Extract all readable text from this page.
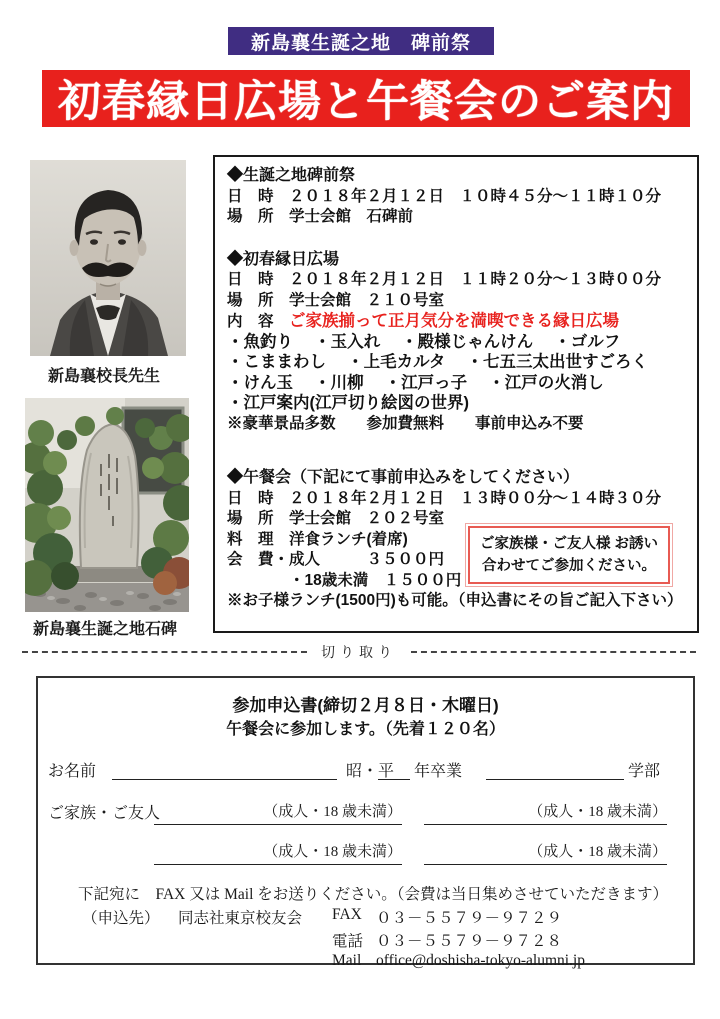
新島襄生誕之地　碑前祭
初春縁日広場と午餐会のご案内
新島襄校長先生
新島襄生誕之地石碑
◆生誕之地碑前祭
日　時　２０１８年２月１２日　１０時４５分～１１時１０分
場　所　学士会館　石碑前
◆初春縁日広場
日　時　２０１８年２月１２日　１１時２０分～１３時００分
場　所　学士会館　２１０号室
内　容　ご家族揃って正月気分を満喫できる縁日広場
・魚釣り　 ・玉入れ　 ・殿様じゃんけん　 ・ゴルフ
・こままわし　 ・上毛カルタ　 ・七五三太出世すごろく
・けん玉　 ・川柳　 ・江戸っ子　 ・江戸の火消し
・江戸案内(江戸切り絵図の世界)
※豪華景品多数　　参加費無料　　事前申込み不要
◆午餐会（下記にて事前申込みをしてください）
日　時　２０１８年２月１２日　１３時００分～１４時３０分
場　所　学士会館　２０２号室
料　理　洋食ランチ(着席)
会　費・成人　　　３５００円
　　　　・18歳未満　１５００円
※お子様ランチ(1500円)も可能。（申込書にその旨ご記入下さい）
ご家族様・ご友人様 お誘い
合わせてご参加ください。
切り取り
参加申込書(締切２月８日・木曜日)
午餐会に参加します。（先着１２０名）
お名前	昭・平 年卒業	学部
ご家族・ご友人	（成人・18 歳未満）	（成人・18 歳未満）
（成人・18 歳未満）	（成人・18 歳未満）
下記宛に　FAX 又は Mail をお送りください。（会費は当日集めさせていただきます）
（申込先） 同志社東京校友会 FAX ０３－５５７９－９７２９
電話 ０３－５５７９－９７２８
Mail office@doshisha-tokyo-alumni.jp
